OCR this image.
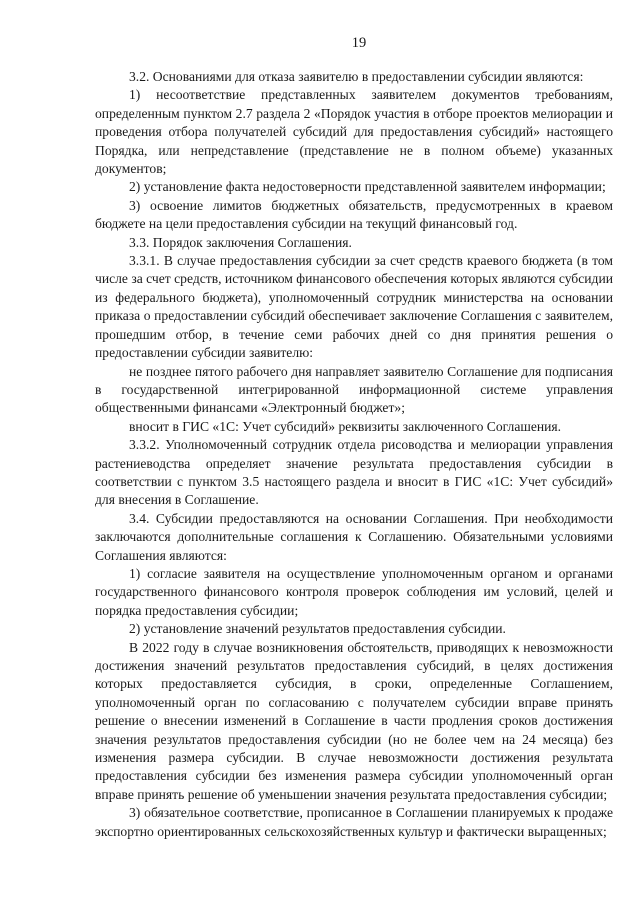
19

3.2. Основаниями для отказа заявителю в предоставлении субсидии являются:

1) несоответствие представленных заявителем документов требованиям, определенным пунктом 2.7 раздела 2 «Порядок участия в отборе проектов мелиорации и проведения отбора получателей субсидий для предоставления субсидий» настоящего Порядка, или непредставление (представление не в полном объеме) указанных документов;

2) установление факта недостоверности представленной заявителем информации;

3) освоение лимитов бюджетных обязательств, предусмотренных в краевом бюджете на цели предоставления субсидии на текущий финансовый год.

3.3. Порядок заключения Соглашения.

3.3.1. В случае предоставления субсидии за счет средств краевого бюджета (в том числе за счет средств, источником финансового обеспечения которых являются субсидии из федерального бюджета), уполномоченный сотрудник министерства на основании приказа о предоставлении субсидий обеспечивает заключение Соглашения с заявителем, прошедшим отбор, в течение семи рабочих дней со дня принятия решения о предоставлении субсидии заявителю:

не позднее пятого рабочего дня направляет заявителю Соглашение для подписания в государственной интегрированной информационной системе управления общественными финансами «Электронный бюджет»;

вносит в ГИС «1С: Учет субсидий» реквизиты заключенного Соглашения.

3.3.2. Уполномоченный сотрудник отдела рисоводства и мелиорации управления растениеводства определяет значение результата предоставления субсидии в соответствии с пунктом 3.5 настоящего раздела и вносит в ГИС «1С: Учет субсидий» для внесения в Соглашение.

3.4. Субсидии предоставляются на основании Соглашения. При необходимости заключаются дополнительные соглашения к Соглашению. Обязательными условиями Соглашения являются:

1) согласие заявителя на осуществление уполномоченным органом и органами государственного финансового контроля проверок соблюдения им условий, целей и порядка предоставления субсидии;

2) установление значений результатов предоставления субсидии.

В 2022 году в случае возникновения обстоятельств, приводящих к невозможности достижения значений результатов предоставления субсидий, в целях достижения которых предоставляется субсидия, в сроки, определенные Соглашением, уполномоченный орган по согласованию с получателем субсидии вправе принять решение о внесении изменений в Соглашение в части продления сроков достижения значения результатов предоставления субсидии (но не более чем на 24 месяца) без изменения размера субсидии. В случае невозможности достижения результата предоставления субсидии без изменения размера субсидии уполномоченный орган вправе принять решение об уменьшении значения результата предоставления субсидии;

3) обязательное соответствие, прописанное в Соглашении планируемых к продаже экспортно ориентированных сельскохозяйственных культур и фактически выращенных;
